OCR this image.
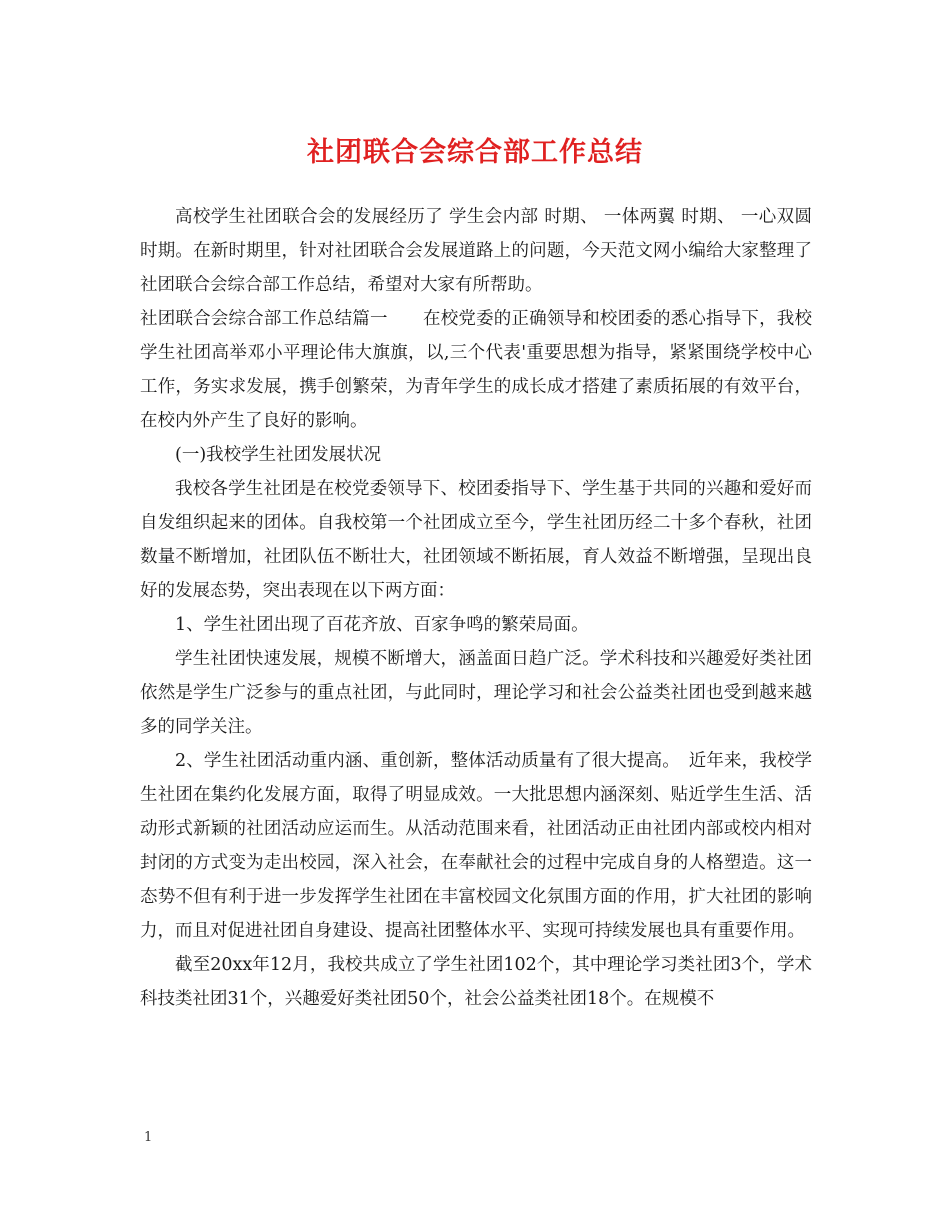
社团联合会综合部工作总结

高校学生社团联合会的发展经历了 学生会内部 时期、 一体两翼 时期、 一心双圆 时期。在新时期里，针对社团联合会发展道路上的问题，今天范文网小编给大家整理了社团联合会综合部工作总结，希望对大家有所帮助。

社团联合会综合部工作总结篇一　　在校党委的正确领导和校团委的悉心指导下，我校学生社团高举邓小平理论伟大旗旗，以,三个代表'重要思想为指导，紧紧围绕学校中心工作，务实求发展，携手创繁荣，为青年学生的成长成才搭建了素质拓展的有效平台，在校内外产生了良好的影响。

(一)我校学生社团发展状况

我校各学生社团是在校党委领导下、校团委指导下、学生基于共同的兴趣和爱好而自发组织起来的团体。自我校第一个社团成立至今，学生社团历经二十多个春秋，社团数量不断增加，社团队伍不断壮大，社团领域不断拓展，育人效益不断增强，呈现出良好的发展态势，突出表现在以下两方面：

1、学生社团出现了百花齐放、百家争鸣的繁荣局面。

学生社团快速发展，规模不断增大，涵盖面日趋广泛。学术科技和兴趣爱好类社团依然是学生广泛参与的重点社团，与此同时，理论学习和社会公益类社团也受到越来越多的同学关注。

2、学生社团活动重内涵、重创新，整体活动质量有了很大提高。　近年来，我校学生社团在集约化发展方面，取得了明显成效。一大批思想内涵深刻、贴近学生生活、活动形式新颖的社团活动应运而生。从活动范围来看，社团活动正由社团内部或校内相对封闭的方式变为走出校园，深入社会，在奉献社会的过程中完成自身的人格塑造。这一态势不但有利于进一步发挥学生社团在丰富校园文化氛围方面的作用，扩大社团的影响力，而且对促进社团自身建设、提高社团整体水平、实现可持续发展也具有重要作用。

截至20xx年12月，我校共成立了学生社团102个，其中理论学习类社团3个，学术科技类社团31个，兴趣爱好类社团50个，社会公益类社团18个。在规模不

1
